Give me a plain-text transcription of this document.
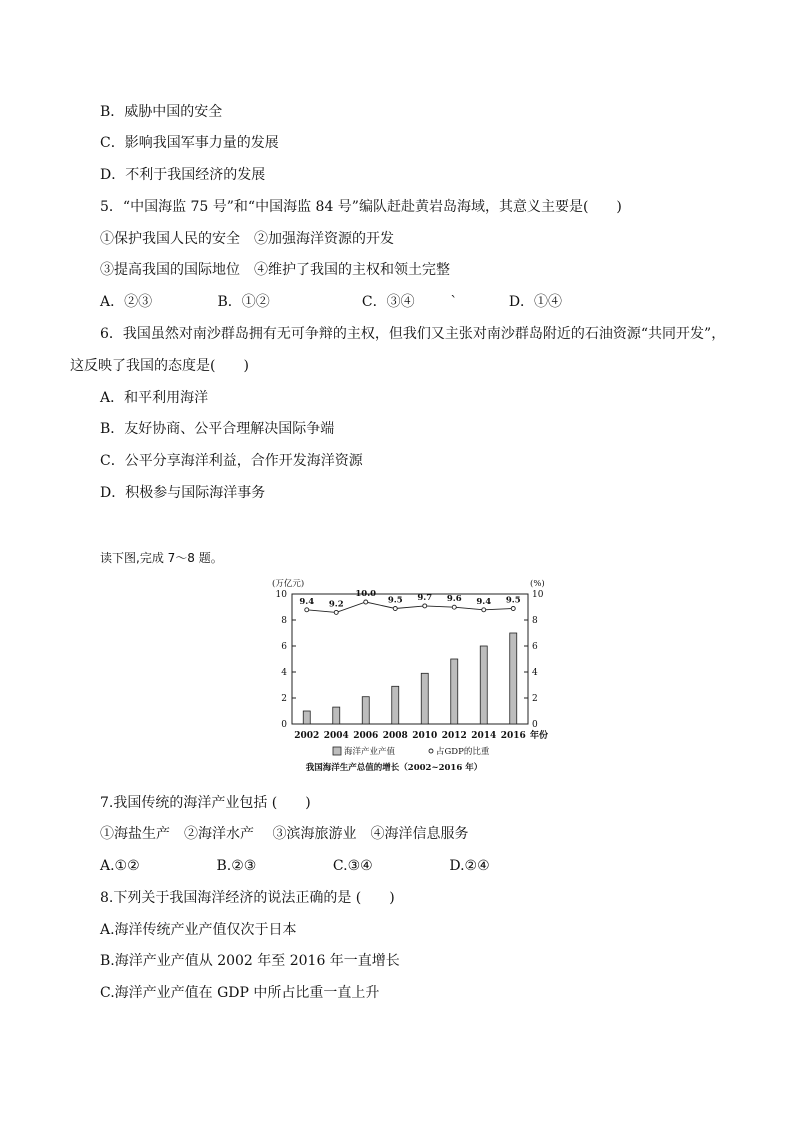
B．威胁中国的安全
C．影响我国军事力量的发展
D．不利于我国经济的发展
5．“中国海监 75 号”和“中国海监 84 号”编队赶赴黄岩岛海域，其意义主要是(　　)
①保护我国人民的安全　②加强海洋资源的开发
③提高我国的国际地位　④维护了我国的主权和领土完整
A．②③	B．①②	C．③④	`	D．①④
6．我国虽然对南沙群岛拥有无可争辩的主权，但我们又主张对南沙群岛附近的石油资源“共同开发”，
这反映了我国的态度是(　　)
A．和平利用海洋
B．友好协商、公平合理解决国际争端
C．公平分享海洋利益，合作开发海洋资源
D．积极参与国际海洋事务
读下图,完成 7～8 题。
0	0
2	2
4	4
6	6
8	8
10	10
(万亿元)	(%)
2002 2004 2006 2008 2010 2012 2014 2016 年份
9.4 9.2
10.0
9.5 9.7 9.6 9.4 9.5
海洋产业产值	占GDP的比重
我国海洋生产总值的增长（2002~2016 年）
7.我国传统的海洋产业包括 (　　)
①海盐生产　②海洋水产　 ③滨海旅游业　④海洋信息服务
A.①②	B.②③	C.③④	D.②④
8.下列关于我国海洋经济的说法正确的是 (　　)
A.海洋传统产业产值仅次于日本
B.海洋产业产值从 2002 年至 2016 年一直增长
C.海洋产业产值在 GDP 中所占比重一直上升
